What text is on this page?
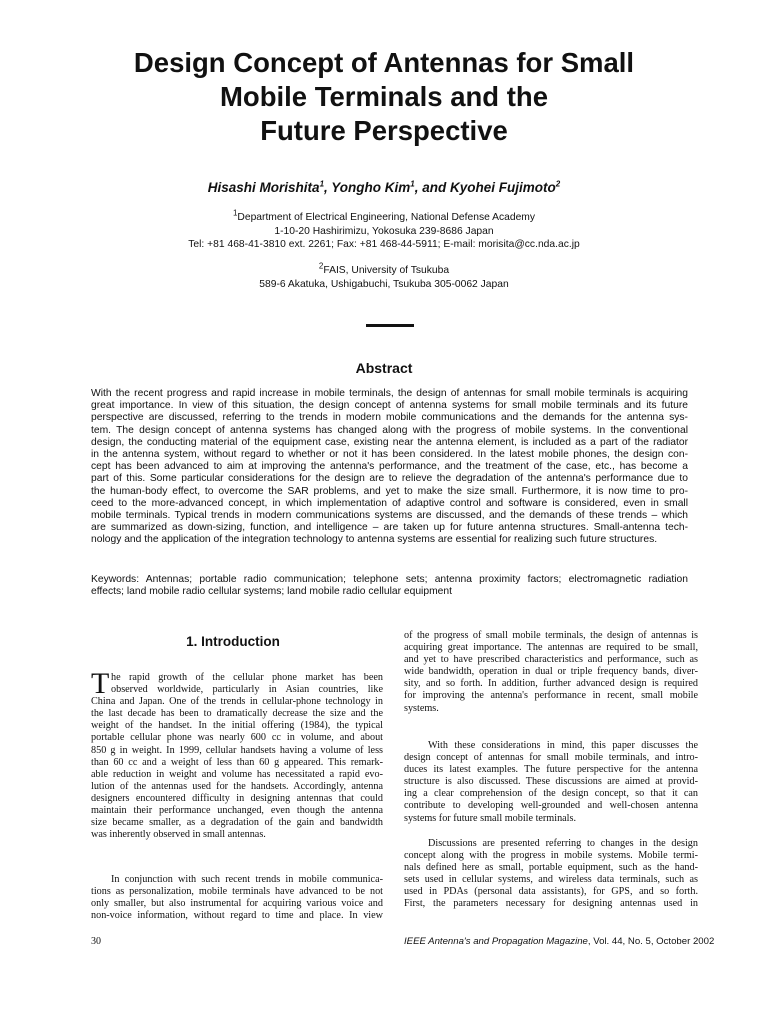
Design Concept of Antennas for Small
Mobile Terminals and the
Future Perspective
Hisashi Morishita$^1$, Yongho Kim$^1$, and Kyohei Fujimoto$^2$
$^1$Department of Electrical Engineering, National Defense Academy
1-10-20 Hashirimizu, Yokosuka 239-8686 Japan
Tel: +81 468-41-3810 ext. 2261; Fax: +81 468-44-5911; E-mail: morisita@cc.nda.ac.jp
$^2$FAIS, University of Tsukuba
589-6 Akatuka, Ushigabuchi, Tsukuba 305-0062 Japan
Abstract
With the recent progress and rapid increase in mobile terminals, the design of antennas for small mobile terminals is acquiring
great importance. In view of this situation, the design concept of antenna systems for small mobile terminals and its future
perspective are discussed, referring to the trends in modern mobile communications and the demands for the antenna sys-
tem. The design concept of antenna systems has changed along with the progress of mobile systems. In the conventional
design, the conducting material of the equipment case, existing near the antenna element, is included as a part of the radiator
in the antenna system, without regard to whether or not it has been considered. In the latest mobile phones, the design con-
cept has been advanced to aim at improving the antenna's performance, and the treatment of the case, etc., has become a
part of this. Some particular considerations for the design are to relieve the degradation of the antenna's performance due to
the human-body effect, to overcome the SAR problems, and yet to make the size small. Furthermore, it is now time to pro-
ceed to the more-advanced concept, in which implementation of adaptive control and software is considered, even in small
mobile terminals. Typical trends in modern communications systems are discussed, and the demands of these trends – which
are summarized as down-sizing, function, and intelligence – are taken up for future antenna structures. Small-antenna tech-
nology and the application of the integration technology to antenna systems are essential for realizing such future structures.
Keywords: Antennas; portable radio communication; telephone sets; antenna proximity factors; electromagnetic radiation
effects; land mobile radio cellular systems; land mobile radio cellular equipment
1. Introduction
T he rapid growth of the cellular phone market has been
observed worldwide, particularly in Asian countries, like
China and Japan. One of the trends in cellular-phone technology in
the last decade has been to dramatically decrease the size and the
weight of the handset. In the initial offering (1984), the typical
portable cellular phone was nearly 600 cc in volume, and about
850 g in weight. In 1999, cellular handsets having a volume of less
than 60 cc and a weight of less than 60 g appeared. This remark-
able reduction in weight and volume has necessitated a rapid evo-
lution of the antennas used for the handsets. Accordingly, antenna
designers encountered difficulty in designing antennas that could
maintain their performance unchanged, even though the antenna
size became smaller, as a degradation of the gain and bandwidth
was inherently observed in small antennas.
In conjunction with such recent trends in mobile communica-
tions as personalization, mobile terminals have advanced to be not
only smaller, but also instrumental for acquiring various voice and
non-voice information, without regard to time and place. In view
of the progress of small mobile terminals, the design of antennas is
acquiring great importance. The antennas are required to be small,
and yet to have prescribed characteristics and performance, such as
wide bandwidth, operation in dual or triple frequency bands, diver-
sity, and so forth. In addition, further advanced design is required
for improving the antenna's performance in recent, small mobile
systems.
With these considerations in mind, this paper discusses the
design concept of antennas for small mobile terminals, and intro-
duces its latest examples. The future perspective for the antenna
structure is also discussed. These discussions are aimed at provid-
ing a clear comprehension of the design concept, so that it can
contribute to developing well-grounded and well-chosen antenna
systems for future small mobile terminals.
Discussions are presented referring to changes in the design
concept along with the progress in mobile systems. Mobile termi-
nals defined here as small, portable equipment, such as the hand-
sets used in cellular systems, and wireless data terminals, such as
used in PDAs (personal data assistants), for GPS, and so forth.
First, the parameters necessary for designing antennas used in
30	IEEE Antenna's and Propagation Magazine, Vol. 44, No. 5, October 2002
